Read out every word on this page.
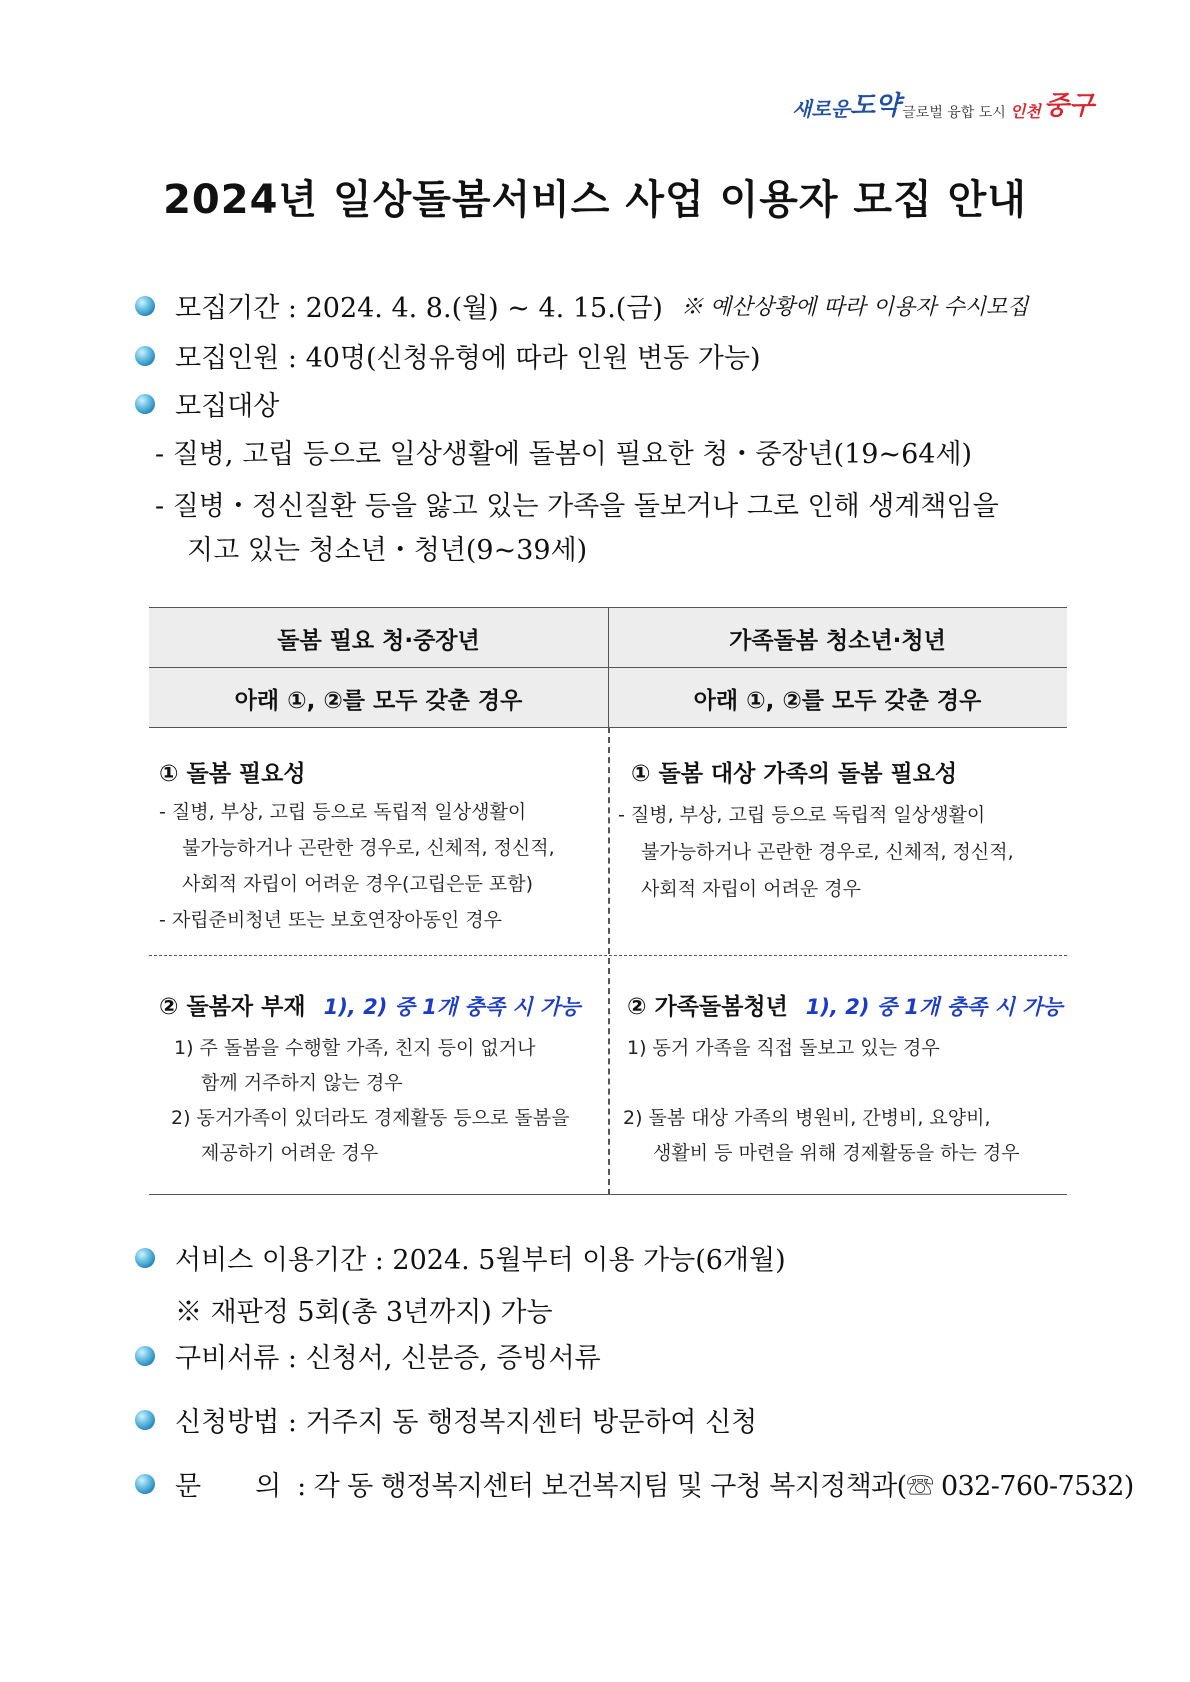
새로운 도약 글로벌 융합 도시 인천 중구
2024년 일상돌봄서비스 사업 이용자 모집 안내
모집기간 : 2024. 4. 8.(월) ~ 4. 15.(금) ※ 예산상황에 따라 이용자 수시모집
모집인원 : 40명(신청유형에 따라 인원 변동 가능)
모집대상
- 질병, 고립 등으로 일상생활에 돌봄이 필요한 청・중장년(19~64세)
- 질병・정신질환 등을 앓고 있는 가족을 돌보거나 그로 인해 생계책임을
지고 있는 청소년・청년(9~39세)
돌봄 필요 청·중장년	가족돌봄 청소년·청년
아래 ①, ②를 모두 갖춘 경우	아래 ①, ②를 모두 갖춘 경우
① 돌봄 필요성
- 질병, 부상, 고립 등으로 독립적 일상생활이
불가능하거나 곤란한 경우로, 신체적, 정신적,
사회적 자립이 어려운 경우(고립은둔 포함)
- 자립준비청년 또는 보호연장아동인 경우
① 돌봄 대상 가족의 돌봄 필요성
- 질병, 부상, 고립 등으로 독립적 일상생활이
불가능하거나 곤란한 경우로, 신체적, 정신적,
사회적 자립이 어려운 경우
② 돌봄자 부재 1), 2) 중 1개 충족 시 가능
1) 주 돌봄을 수행할 가족, 친지 등이 없거나
함께 거주하지 않는 경우
2) 동거가족이 있더라도 경제활동 등으로 돌봄을
제공하기 어려운 경우
② 가족돌봄청년 1), 2) 중 1개 충족 시 가능
1) 동거 가족을 직접 돌보고 있는 경우
2) 돌봄 대상 가족의 병원비, 간병비, 요양비,
생활비 등 마련을 위해 경제활동을 하는 경우
서비스 이용기간 : 2024. 5월부터 이용 가능(6개월)
※ 재판정 5회(총 3년까지) 가능
구비서류 : 신청서, 신분증, 증빙서류
신청방법 : 거주지 동 행정복지센터 방문하여 신청
문　　의 : 각 동 행정복지센터 보건복지팀 및 구청 복지정책과(☏ 032-760-7532)
